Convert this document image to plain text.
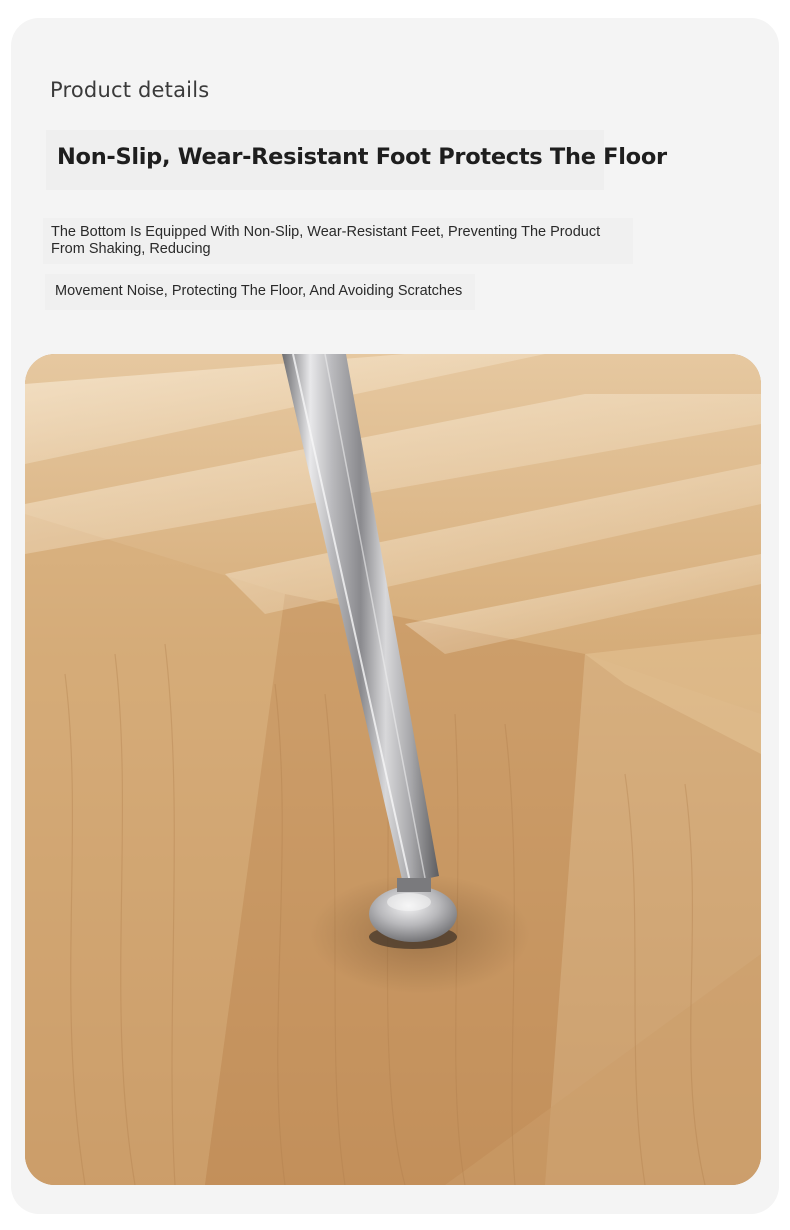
Product details
Non-Slip, Wear-Resistant Foot Protects The Floor

The Bottom Is Equipped With Non-Slip, Wear-Resistant Feet, Preventing The Product From Shaking, Reducing

Movement Noise, Protecting The Floor, And Avoiding Scratches
